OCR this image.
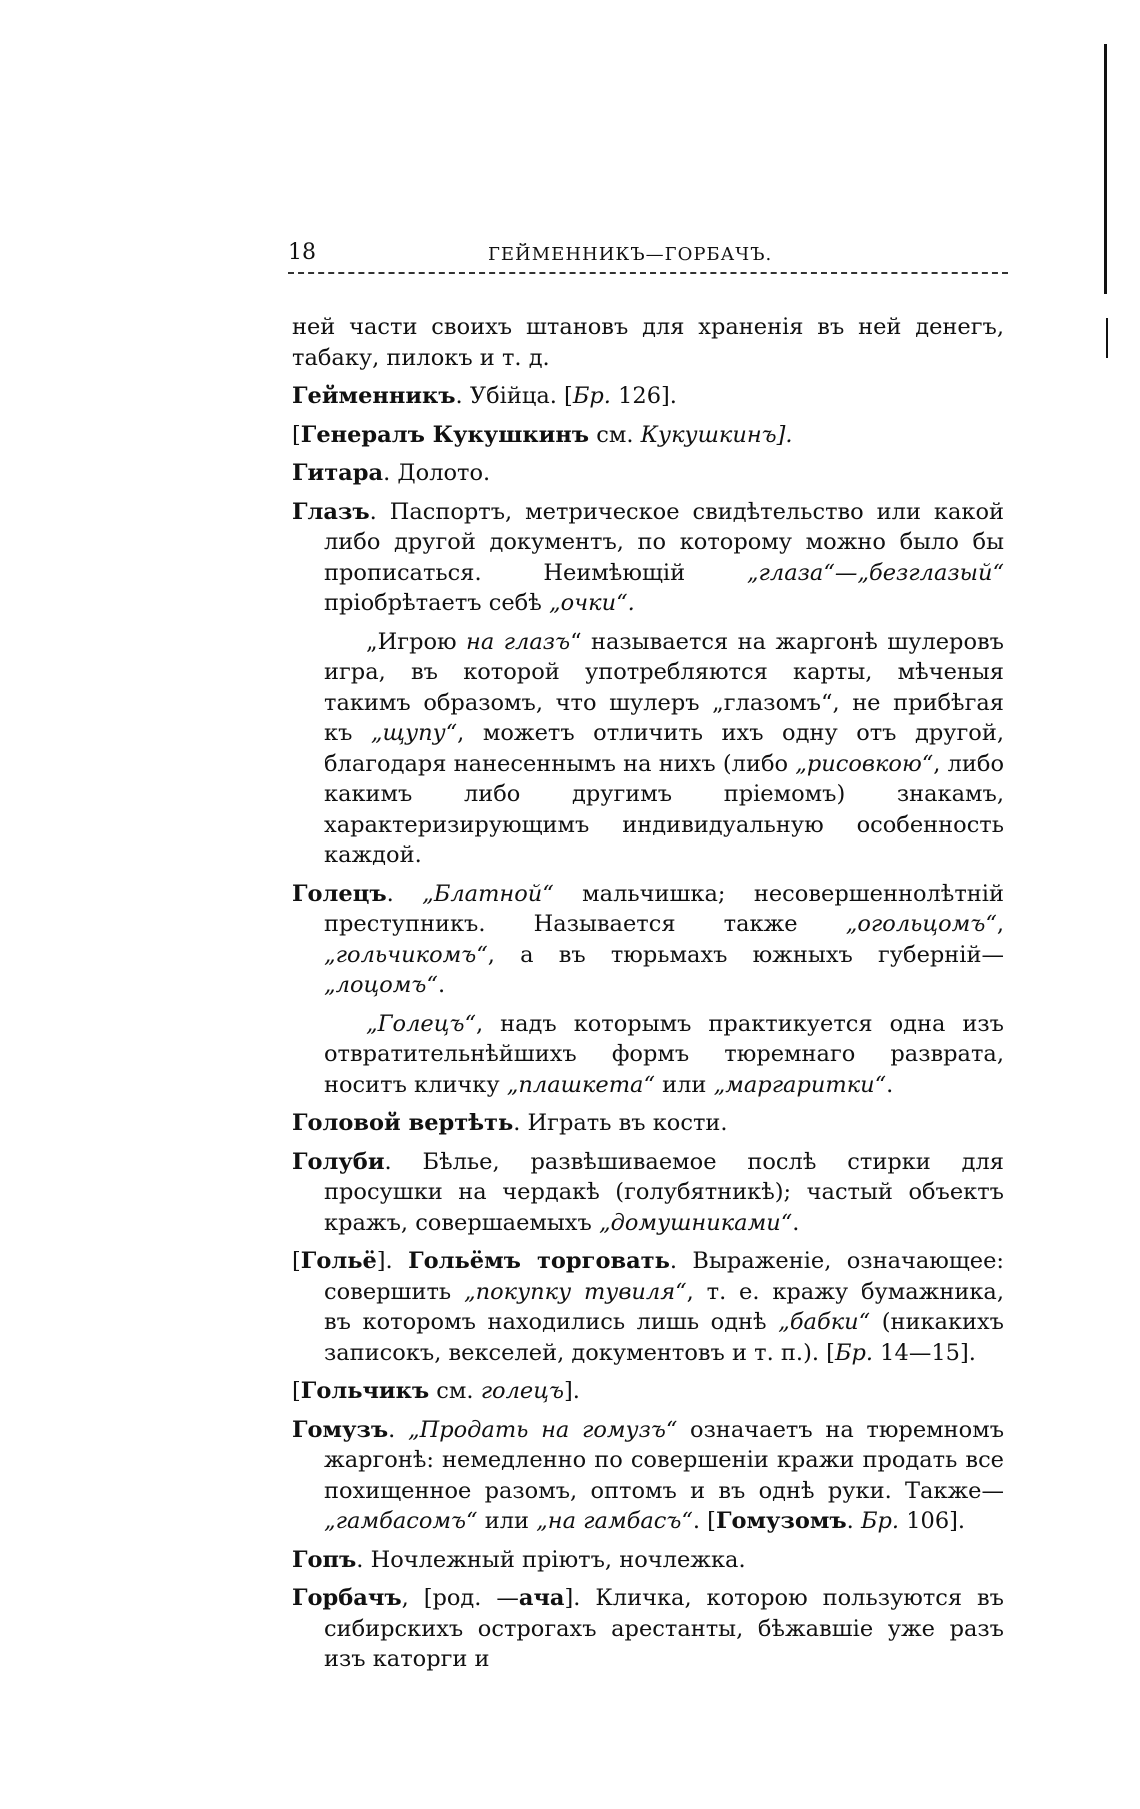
18	ГЕЙМЕННИКЪ—ГОРБАЧЪ.

ней части своихъ штановъ для храненія въ ней денегъ, табаку, пилокъ и т. д.

Гейменникъ. Убійца. [Бр. 126].

[Генералъ Кукушкинъ см. Кукушкинъ].

Гитара. Долото.

Глазъ. Паспортъ, метрическое свидѣтельство или какой либо другой документъ, по которому можно было бы прописаться. Неимѣющій „глаза“—„безглазый“ пріобрѣтаетъ себѣ „очки“.

„Игрою на глазъ“ называется на жаргонѣ шулеровъ игра, въ которой употребляются карты, мѣченыя такимъ образомъ, что шулеръ „глазомъ“, не прибѣгая къ „щупу“, можетъ отличить ихъ одну отъ другой, благодаря нанесеннымъ на нихъ (либо „рисовкою“, либо какимъ либо другимъ пріемомъ) знакамъ, характеризирующимъ индивидуальную особенность каждой.

Голецъ. „Блатной“ мальчишка; несовершеннолѣтній преступникъ. Называется также „огольцомъ“, „гольчикомъ“, а въ тюрьмахъ южныхъ губерній—„лоцомъ“.

„Голецъ“, надъ которымъ практикуется одна изъ отвратительнѣйшихъ формъ тюремнаго разврата, носитъ кличку „плашкета“ или „маргаритки“.

Головой вертѣть. Играть въ кости.

Голуби. Бѣлье, развѣшиваемое послѣ стирки для просушки на чердакѣ (голубятникѣ); частый объектъ кражъ, совершаемыхъ „домушниками“.

[Гольё]. Гольёмъ торговать. Выраженіе, означающее: совершить „покупку тувиля“, т. е. кражу бумажника, въ которомъ находились лишь однѣ „бабки“ (никакихъ записокъ, векселей, документовъ и т. п.). [Бр. 14—15].

[Гольчикъ см. голецъ].

Гомузъ. „Продать на гомузъ“ означаетъ на тюремномъ жаргонѣ: немедленно по совершеніи кражи продать все похищенное разомъ, оптомъ и въ однѣ руки. Также—„гамбасомъ“ или „на гамбасъ“. [Гомузомъ. Бр. 106].

Гопъ. Ночлежный пріютъ, ночлежка.

Горбачъ, [род. —ача]. Кличка, которою пользуются въ сибирскихъ острогахъ арестанты, бѣжавшіе уже разъ изъ каторги и
